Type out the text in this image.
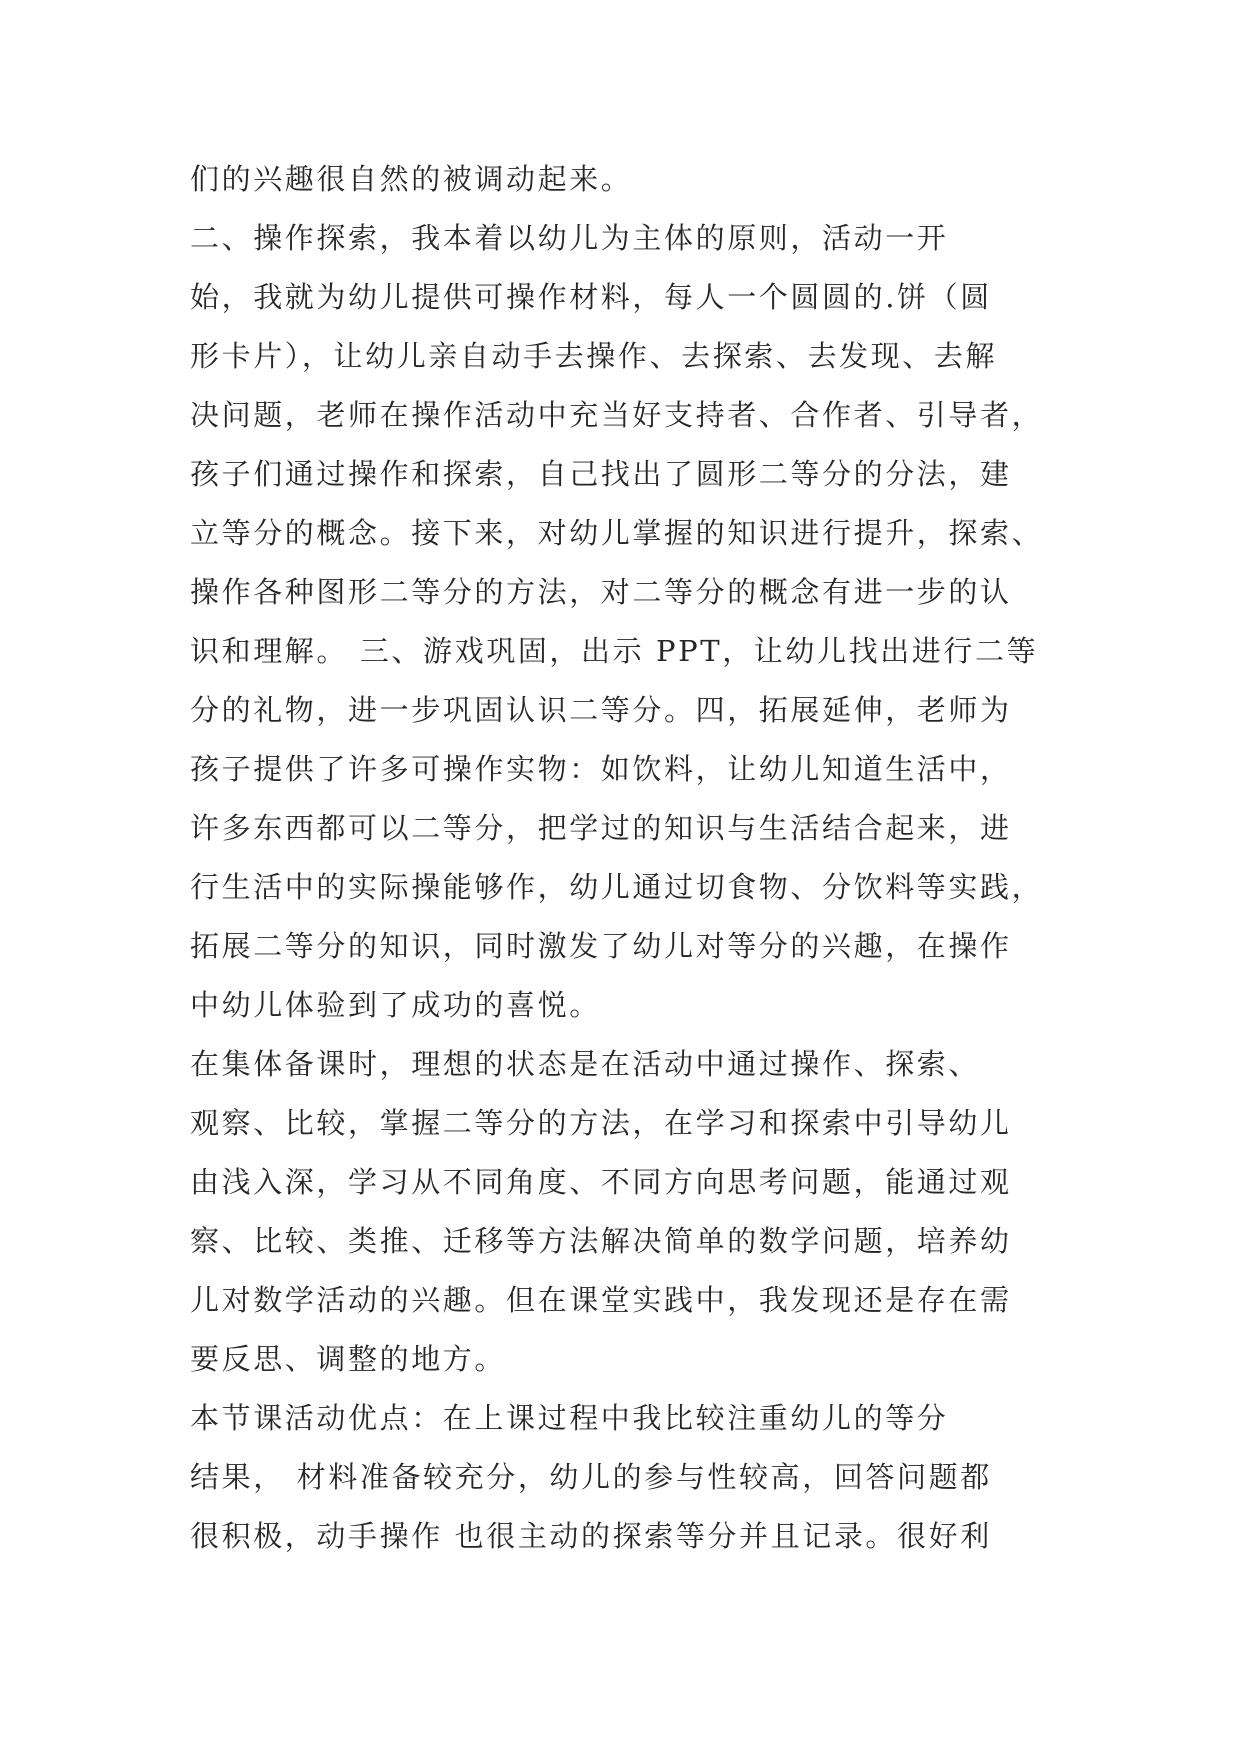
们的兴趣很自然的被调动起来。
二、操作探索，我本着以幼儿为主体的原则，活动一开
始，我就为幼儿提供可操作材料，每人一个圆圆的.饼（圆
形卡片），让幼儿亲自动手去操作、去探索、去发现、去解
决问题，老师在操作活动中充当好支持者、合作者、引导者，
孩子们通过操作和探索，自己找出了圆形二等分的分法，建
立等分的概念。接下来，对幼儿掌握的知识进行提升，探索、
操作各种图形二等分的方法，对二等分的概念有进一步的认
识和理解。 三、游戏巩固，出示 PPT，让幼儿找出进行二等
分的礼物，进一步巩固认识二等分。四，拓展延伸，老师为
孩子提供了许多可操作实物：如饮料，让幼儿知道生活中，
许多东西都可以二等分，把学过的知识与生活结合起来，进
行生活中的实际操能够作，幼儿通过切食物、分饮料等实践，
拓展二等分的知识，同时激发了幼儿对等分的兴趣，在操作
中幼儿体验到了成功的喜悦。
在集体备课时，理想的状态是在活动中通过操作、探索、
观察、比较，掌握二等分的方法，在学习和探索中引导幼儿
由浅入深，学习从不同角度、不同方向思考问题，能通过观
察、比较、类推、迁移等方法解决简单的数学问题，培养幼
儿对数学活动的兴趣。但在课堂实践中，我发现还是存在需
要反思、调整的地方。
本节课活动优点：在上课过程中我比较注重幼儿的等分
结果， 材料准备较充分，幼儿的参与性较高，回答问题都
很积极，动手操作 也很主动的探索等分并且记录。很好利
